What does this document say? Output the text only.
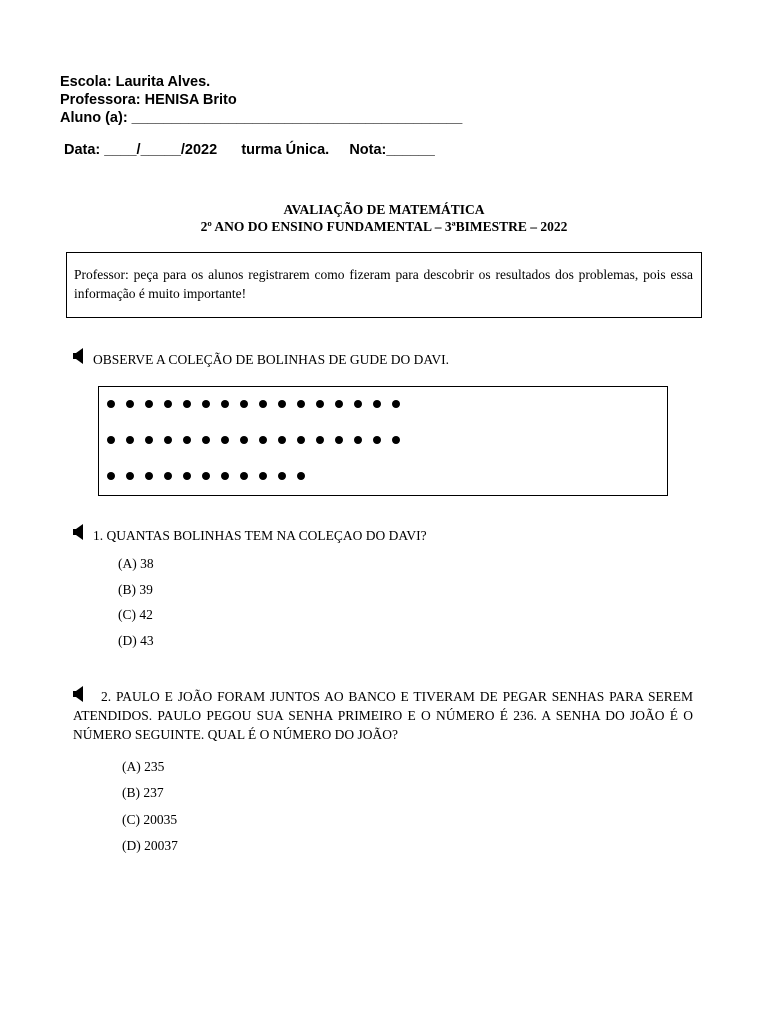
Escola: Laurita Alves.
Professora: HENISA Brito
Aluno (a): _________________________________________
Data: ____/_____/2022      turma Única.     Nota:______
AVALIAÇÃO DE MATEMÁTICA
2º ANO DO ENSINO FUNDAMENTAL – 3ªBIMESTRE – 2022
Professor: peça para os alunos registrarem como fizeram para descobrir os resultados dos problemas, pois essa informação é muito importante!
OBSERVE A COLEÇÃO DE BOLINHAS DE GUDE DO DAVI.
1. QUANTAS BOLINHAS TEM NA COLEÇAO DO DAVI?
(A) 38
(B) 39
(C) 42
(D) 43
2. PAULO E JOÃO FORAM JUNTOS AO BANCO E TIVERAM DE PEGAR SENHAS PARA SEREM ATENDIDOS. PAULO PEGOU SUA SENHA PRIMEIRO E O NÚMERO É 236. A SENHA DO JOÃO É O NÚMERO SEGUINTE. QUAL É O NÚMERO DO JOÃO?
(A) 235
(B) 237
(C) 20035
(D) 20037
